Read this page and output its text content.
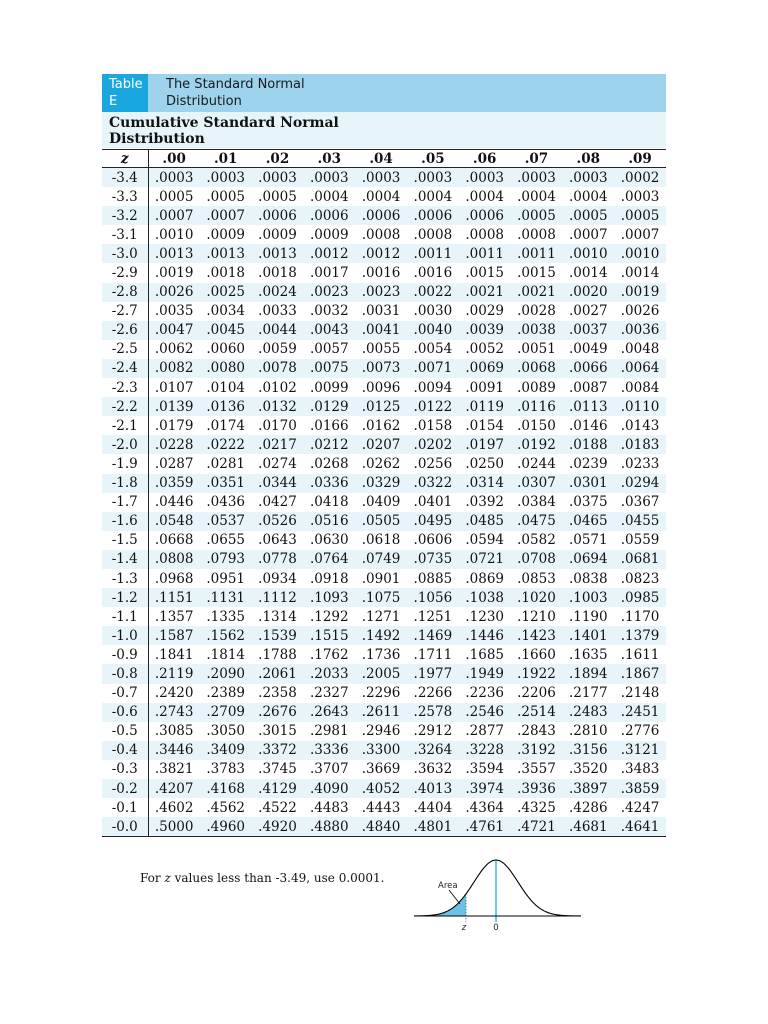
Table E
The Standard Normal Distribution
Cumulative Standard Normal Distribution
z	.00	.01	.02	.03	.04	.05	.06	.07	.08	.09
-3.4	.0003	.0003	.0003	.0003	.0003	.0003	.0003	.0003	.0003	.0002
-3.3	.0005	.0005	.0005	.0004	.0004	.0004	.0004	.0004	.0004	.0003
-3.2	.0007	.0007	.0006	.0006	.0006	.0006	.0006	.0005	.0005	.0005
-3.1	.0010	.0009	.0009	.0009	.0008	.0008	.0008	.0008	.0007	.0007
-3.0	.0013	.0013	.0013	.0012	.0012	.0011	.0011	.0011	.0010	.0010
-2.9	.0019	.0018	.0018	.0017	.0016	.0016	.0015	.0015	.0014	.0014
-2.8	.0026	.0025	.0024	.0023	.0023	.0022	.0021	.0021	.0020	.0019
-2.7	.0035	.0034	.0033	.0032	.0031	.0030	.0029	.0028	.0027	.0026
-2.6	.0047	.0045	.0044	.0043	.0041	.0040	.0039	.0038	.0037	.0036
-2.5	.0062	.0060	.0059	.0057	.0055	.0054	.0052	.0051	.0049	.0048
-2.4	.0082	.0080	.0078	.0075	.0073	.0071	.0069	.0068	.0066	.0064
-2.3	.0107	.0104	.0102	.0099	.0096	.0094	.0091	.0089	.0087	.0084
-2.2	.0139	.0136	.0132	.0129	.0125	.0122	.0119	.0116	.0113	.0110
-2.1	.0179	.0174	.0170	.0166	.0162	.0158	.0154	.0150	.0146	.0143
-2.0	.0228	.0222	.0217	.0212	.0207	.0202	.0197	.0192	.0188	.0183
-1.9	.0287	.0281	.0274	.0268	.0262	.0256	.0250	.0244	.0239	.0233
-1.8	.0359	.0351	.0344	.0336	.0329	.0322	.0314	.0307	.0301	.0294
-1.7	.0446	.0436	.0427	.0418	.0409	.0401	.0392	.0384	.0375	.0367
-1.6	.0548	.0537	.0526	.0516	.0505	.0495	.0485	.0475	.0465	.0455
-1.5	.0668	.0655	.0643	.0630	.0618	.0606	.0594	.0582	.0571	.0559
-1.4	.0808	.0793	.0778	.0764	.0749	.0735	.0721	.0708	.0694	.0681
-1.3	.0968	.0951	.0934	.0918	.0901	.0885	.0869	.0853	.0838	.0823
-1.2	.1151	.1131	.1112	.1093	.1075	.1056	.1038	.1020	.1003	.0985
-1.1	.1357	.1335	.1314	.1292	.1271	.1251	.1230	.1210	.1190	.1170
-1.0	.1587	.1562	.1539	.1515	.1492	.1469	.1446	.1423	.1401	.1379
-0.9	.1841	.1814	.1788	.1762	.1736	.1711	.1685	.1660	.1635	.1611
-0.8	.2119	.2090	.2061	.2033	.2005	.1977	.1949	.1922	.1894	.1867
-0.7	.2420	.2389	.2358	.2327	.2296	.2266	.2236	.2206	.2177	.2148
-0.6	.2743	.2709	.2676	.2643	.2611	.2578	.2546	.2514	.2483	.2451
-0.5	.3085	.3050	.3015	.2981	.2946	.2912	.2877	.2843	.2810	.2776
-0.4	.3446	.3409	.3372	.3336	.3300	.3264	.3228	.3192	.3156	.3121
-0.3	.3821	.3783	.3745	.3707	.3669	.3632	.3594	.3557	.3520	.3483
-0.2	.4207	.4168	.4129	.4090	.4052	.4013	.3974	.3936	.3897	.3859
-0.1	.4602	.4562	.4522	.4483	.4443	.4404	.4364	.4325	.4286	.4247
-0.0	.5000	.4960	.4920	.4880	.4840	.4801	.4761	.4721	.4681	.4641
For z values less than -3.49, use 0.0001.
Area
z	0
